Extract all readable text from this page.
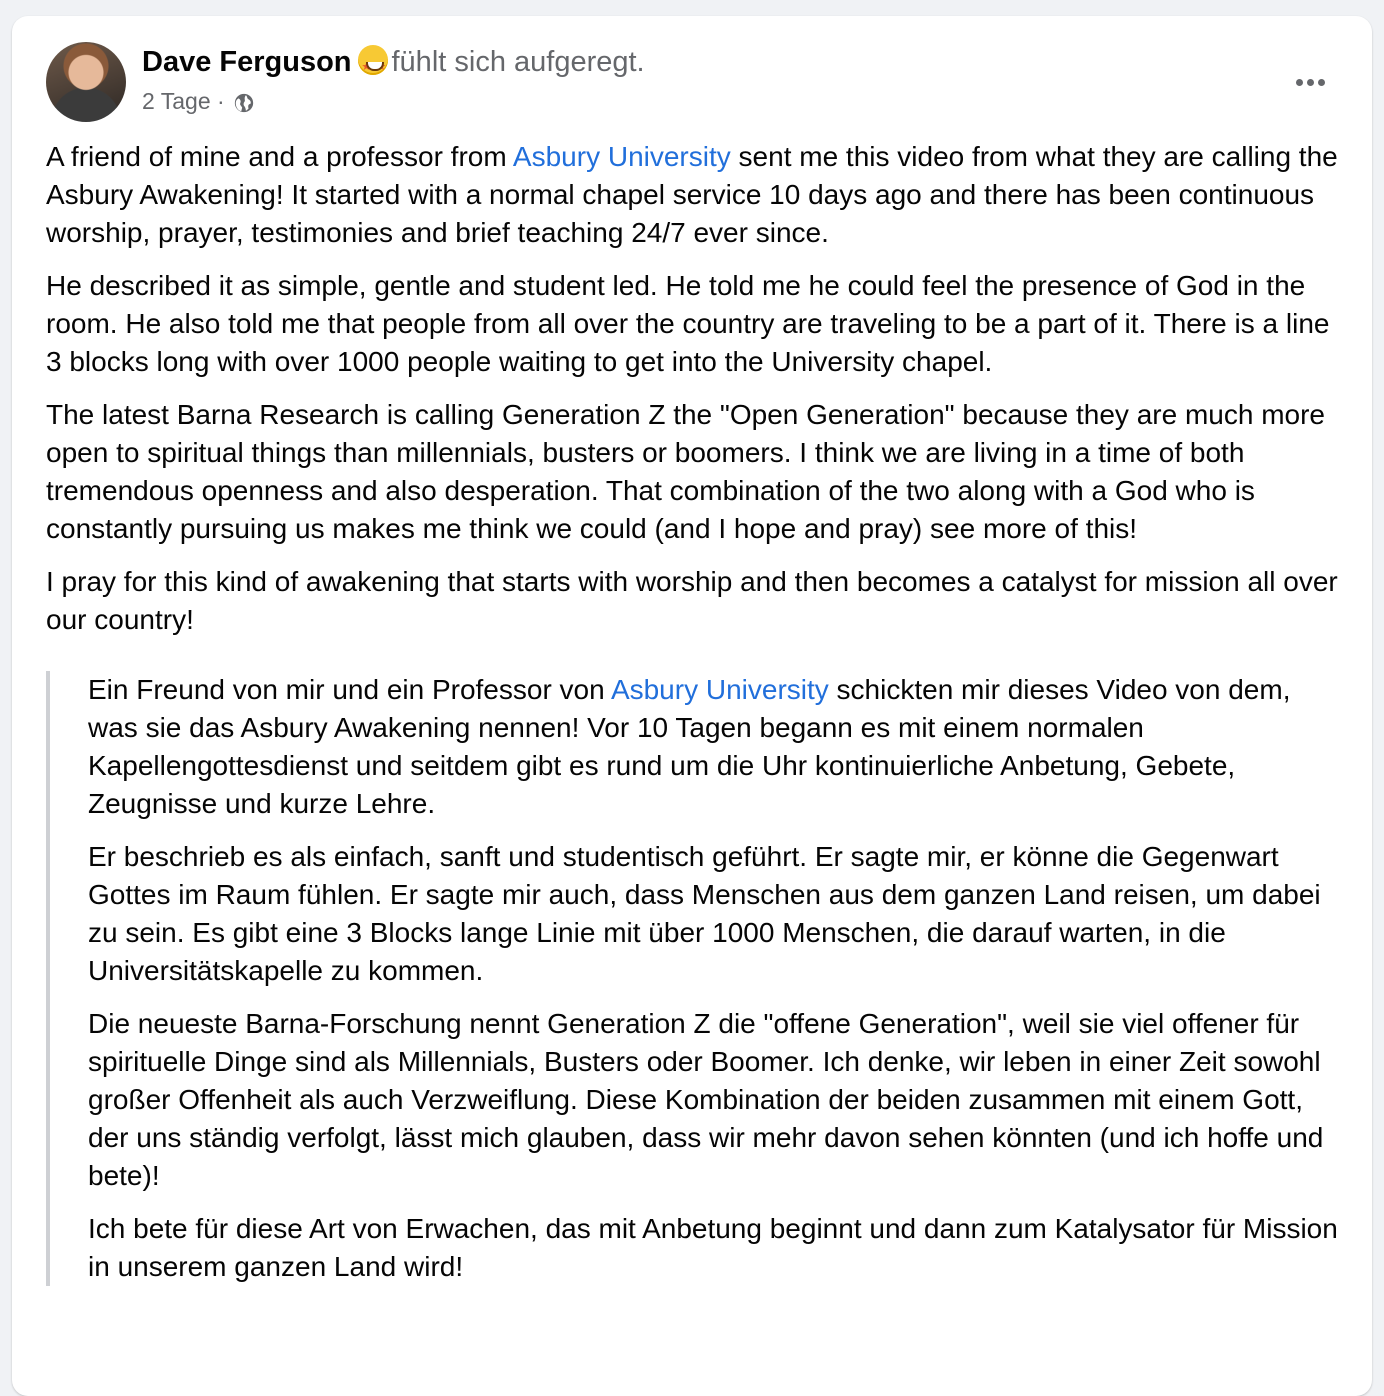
Dave Ferguson★ ★ fühlt sich aufgeregt.
2 Tage ·

A friend of mine and a professor from Asbury University sent me this video from what they are calling the Asbury Awakening! It started with a normal chapel service 10 days ago and there has been continuous worship, prayer, testimonies and brief teaching 24/7 ever since.

He described it as simple, gentle and student led. He told me he could feel the presence of God in the room. He also told me that people from all over the country are traveling to be a part of it. There is a line 3 blocks long with over 1000 people waiting to get into the University chapel.

The latest Barna Research is calling Generation Z the "Open Generation" because they are much more open to spiritual things than millennials, busters or boomers. I think we are living in a time of both tremendous openness and also desperation. That combination of the two along with a God who is constantly pursuing us makes me think we could (and I hope and pray) see more of this!

I pray for this kind of awakening that starts with worship and then becomes a catalyst for mission all over our country!

Ein Freund von mir und ein Professor von Asbury University schickten mir dieses Video von dem, was sie das Asbury Awakening nennen! Vor 10 Tagen begann es mit einem normalen Kapellengottesdienst und seitdem gibt es rund um die Uhr kontinuierliche Anbetung, Gebete, Zeugnisse und kurze Lehre.

Er beschrieb es als einfach, sanft und studentisch geführt. Er sagte mir, er könne die Gegenwart Gottes im Raum fühlen. Er sagte mir auch, dass Menschen aus dem ganzen Land reisen, um dabei zu sein. Es gibt eine 3 Blocks lange Linie mit über 1000 Menschen, die darauf warten, in die Universitätskapelle zu kommen.

Die neueste Barna-Forschung nennt Generation Z die "offene Generation", weil sie viel offener für spirituelle Dinge sind als Millennials, Busters oder Boomer. Ich denke, wir leben in einer Zeit sowohl großer Offenheit als auch Verzweiflung. Diese Kombination der beiden zusammen mit einem Gott, der uns ständig verfolgt, lässt mich glauben, dass wir mehr davon sehen könnten (und ich hoffe und bete)!

Ich bete für diese Art von Erwachen, das mit Anbetung beginnt und dann zum Katalysator für Mission in unserem ganzen Land wird!
